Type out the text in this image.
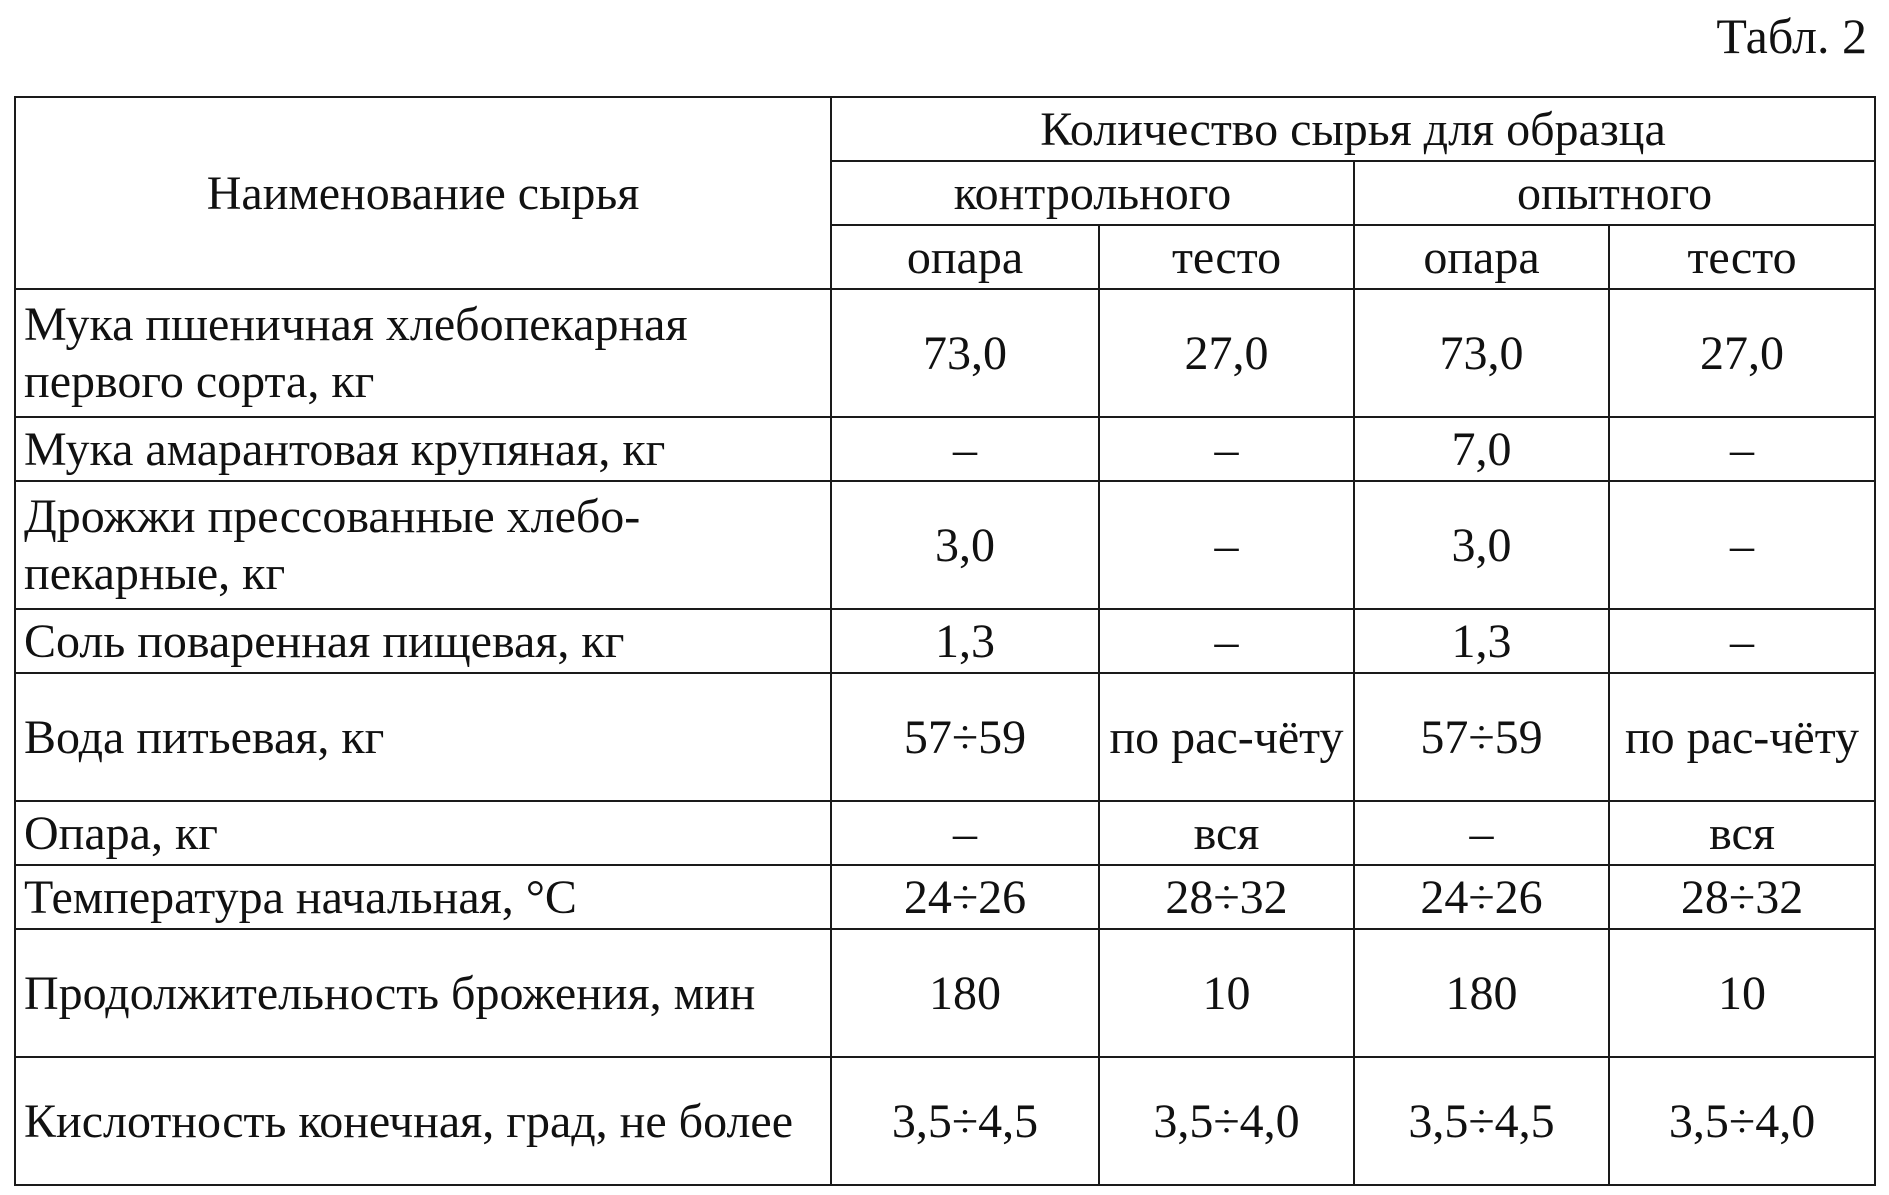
Табл. 2
Наименование сырья	Количество сырья для образца			
	контрольного		опытного	
	опара	тесто	опара	тесто
Мука пшеничная хлебопекарная первого сорта, кг	73,0	27,0	73,0	27,0
Мука амарантовая крупяная, кг	–	–	7,0	–
Дрожжи прессованные хлебо-пекарные, кг	3,0	–	3,0	–
Соль поваренная пищевая, кг	1,3	–	1,3	–
Вода питьевая, кг	57÷59	по рас-чёту	57÷59	по рас-чёту
Опара, кг	–	вся	–	вся
Температура начальная, °С	24÷26	28÷32	24÷26	28÷32
Продолжительность брожения, мин	180	10	180	10
Кислотность конечная, град, не более	3,5÷4,5	3,5÷4,0	3,5÷4,5	3,5÷4,0
